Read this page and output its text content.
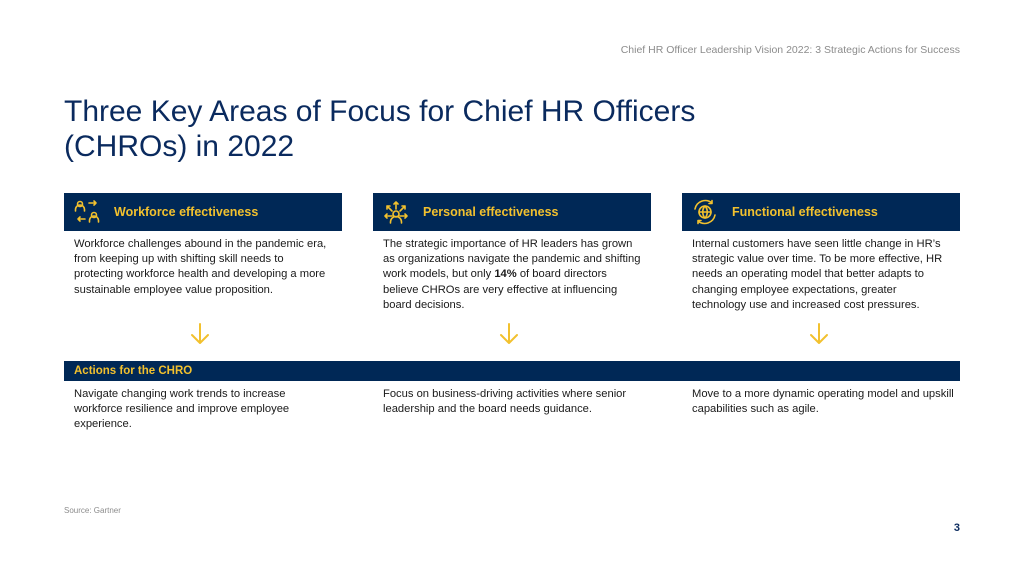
Chief HR Officer Leadership Vision 2022: 3 Strategic Actions for Success
Three Key Areas of Focus for Chief HR Officers (CHROs) in 2022
Workforce effectiveness
Workforce challenges abound in the pandemic era, from keeping up with shifting skill needs to protecting workforce health and developing a more sustainable employee value proposition.
Personal effectiveness
The strategic importance of HR leaders has grown as organizations navigate the pandemic and shifting work models, but only 14% of board directors believe CHROs are very effective at influencing board decisions.
Functional effectiveness
Internal customers have seen little change in HR’s strategic value over time. To be more effective, HR needs an operating model that better adapts to changing employee expectations, greater technology use and increased cost pressures.
Actions for the CHRO
Navigate changing work trends to increase workforce resilience and improve employee experience.
Focus on business-driving activities where senior leadership and the board needs guidance.
Move to a more dynamic operating model and upskill capabilities such as agile.
Source: Gartner
3
